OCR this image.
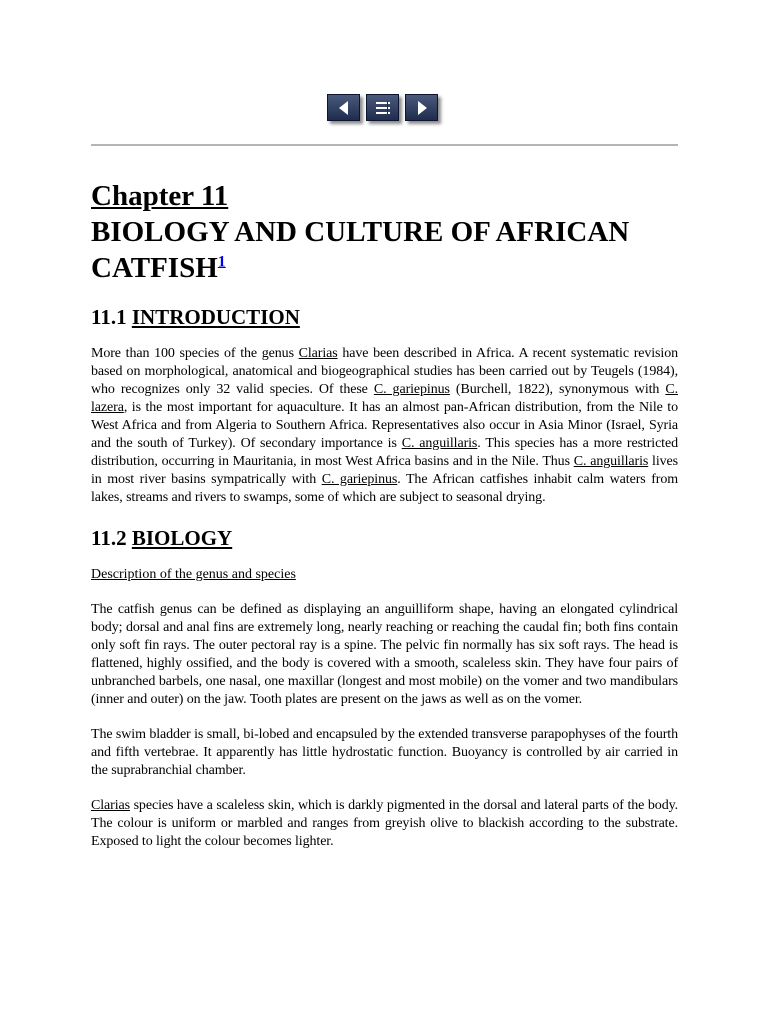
Chapter 11
BIOLOGY AND CULTURE OF AFRICAN CATFISH$^1$
11.1 INTRODUCTION

More than 100 species of the genus Clarias have been described in Africa. A recent systematic revision based on morphological, anatomical and biogeographical studies has been carried out by Teugels (1984), who recognizes only 32 valid species. Of these C. gariepinus (Burchell, 1822), synonymous with C. lazera, is the most important for aquaculture. It has an almost pan-African distribution, from the Nile to West Africa and from Algeria to Southern Africa. Representatives also occur in Asia Minor (Israel, Syria and the south of Turkey). Of secondary importance is C. anguillaris. This species has a more restricted distribution, occurring in Mauritania, in most West Africa basins and in the Nile. Thus C. anguillaris lives in most river basins sympatrically with C. gariepinus. The African catfishes inhabit calm waters from lakes, streams and rivers to swamps, some of which are subject to seasonal drying.

11.2 BIOLOGY
Description of the genus and species

The catfish genus can be defined as displaying an anguilliform shape, having an elongated cylindrical body; dorsal and anal fins are extremely long, nearly reaching or reaching the caudal fin; both fins contain only soft fin rays. The outer pectoral ray is a spine. The pelvic fin normally has six soft rays. The head is flattened, highly ossified, and the body is covered with a smooth, scaleless skin. They have four pairs of unbranched barbels, one nasal, one maxillar (longest and most mobile) on the vomer and two mandibulars (inner and outer) on the jaw. Tooth plates are present on the jaws as well as on the vomer.

The swim bladder is small, bi-lobed and encapsuled by the extended transverse parapophyses of the fourth and fifth vertebrae. It apparently has little hydrostatic function. Buoyancy is controlled by air carried in the suprabranchial chamber.

Clarias species have a scaleless skin, which is darkly pigmented in the dorsal and lateral parts of the body. The colour is uniform or marbled and ranges from greyish olive to blackish according to the substrate. Exposed to light the colour becomes lighter.
